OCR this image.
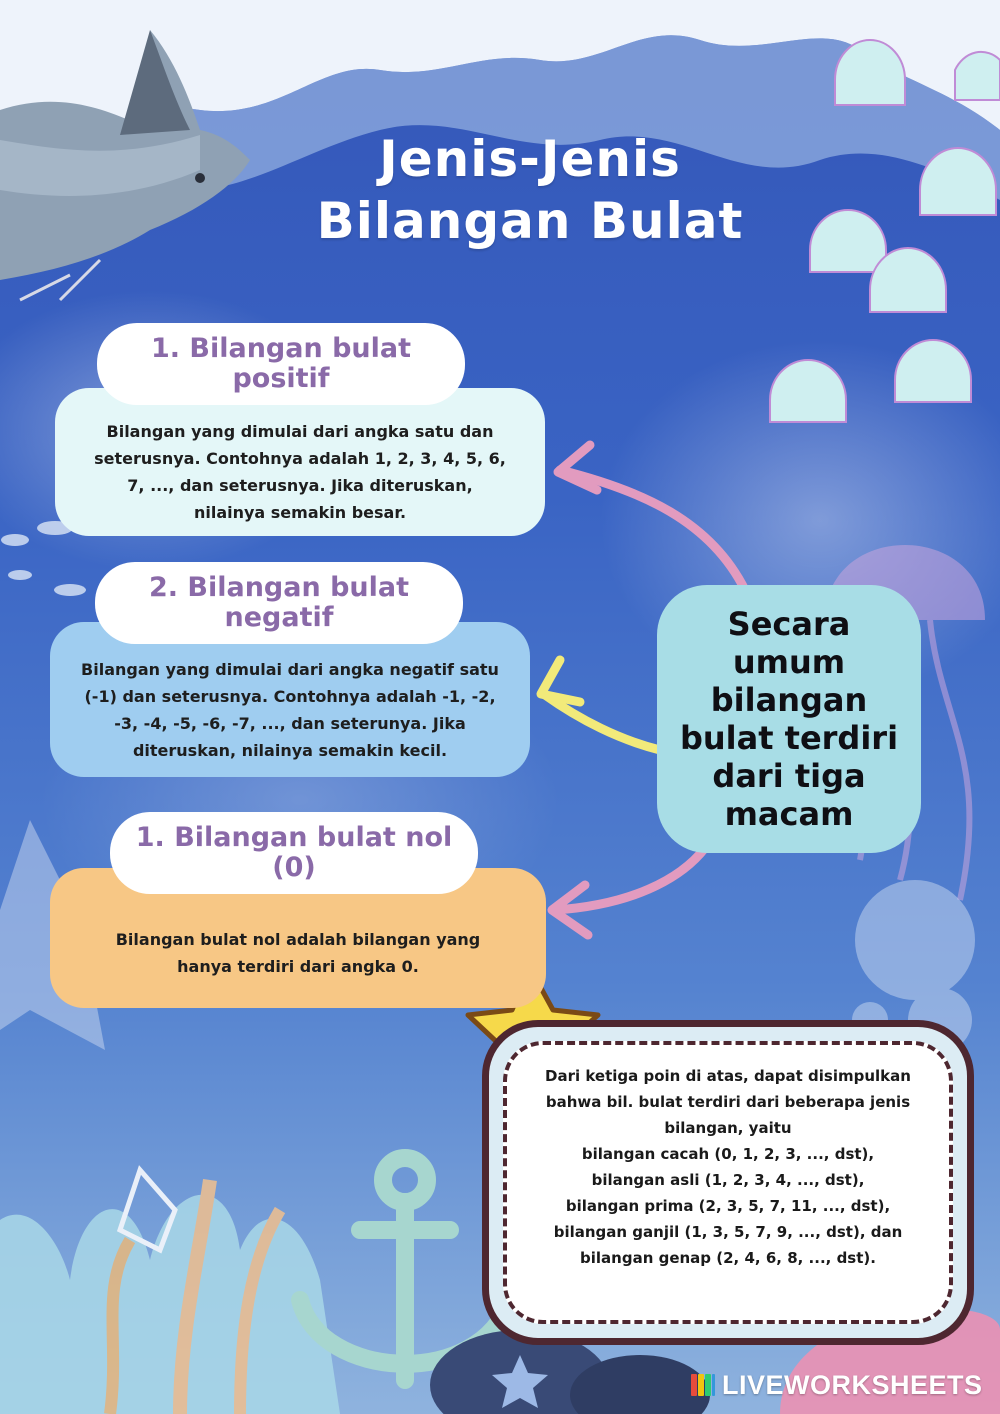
Jenis-Jenis
Bilangan Bulat
Bilangan yang dimulai dari angka satu dan seterusnya. Contohnya adalah 1, 2, 3, 4, 5, 6, 7, ..., dan seterusnya. Jika diteruskan, nilainya semakin besar.
1. Bilangan bulat positif
Bilangan yang dimulai dari angka negatif satu (-1) dan seterusnya. Contohnya adalah -1, -2, -3, -4, -5, -6, -7, ..., dan seterunya. Jika diteruskan, nilainya semakin kecil.
2. Bilangan bulat negatif
Bilangan bulat nol adalah bilangan yang hanya terdiri dari angka 0.
1. Bilangan bulat nol (0)
Secara umum bilangan bulat terdiri dari tiga macam
Dari ketiga poin di atas, dapat disimpulkan
bahwa bil. bulat terdiri dari beberapa jenis
bilangan, yaitu
bilangan cacah (0, 1, 2, 3, ..., dst),
bilangan asli (1, 2, 3, 4, ..., dst),
bilangan prima (2, 3, 5, 7, 11, ..., dst),
bilangan ganjil (1, 3, 5, 7, 9, ..., dst), dan
bilangan genap (2, 4, 6, 8, ..., dst).
LIVEWORKSHEETS
